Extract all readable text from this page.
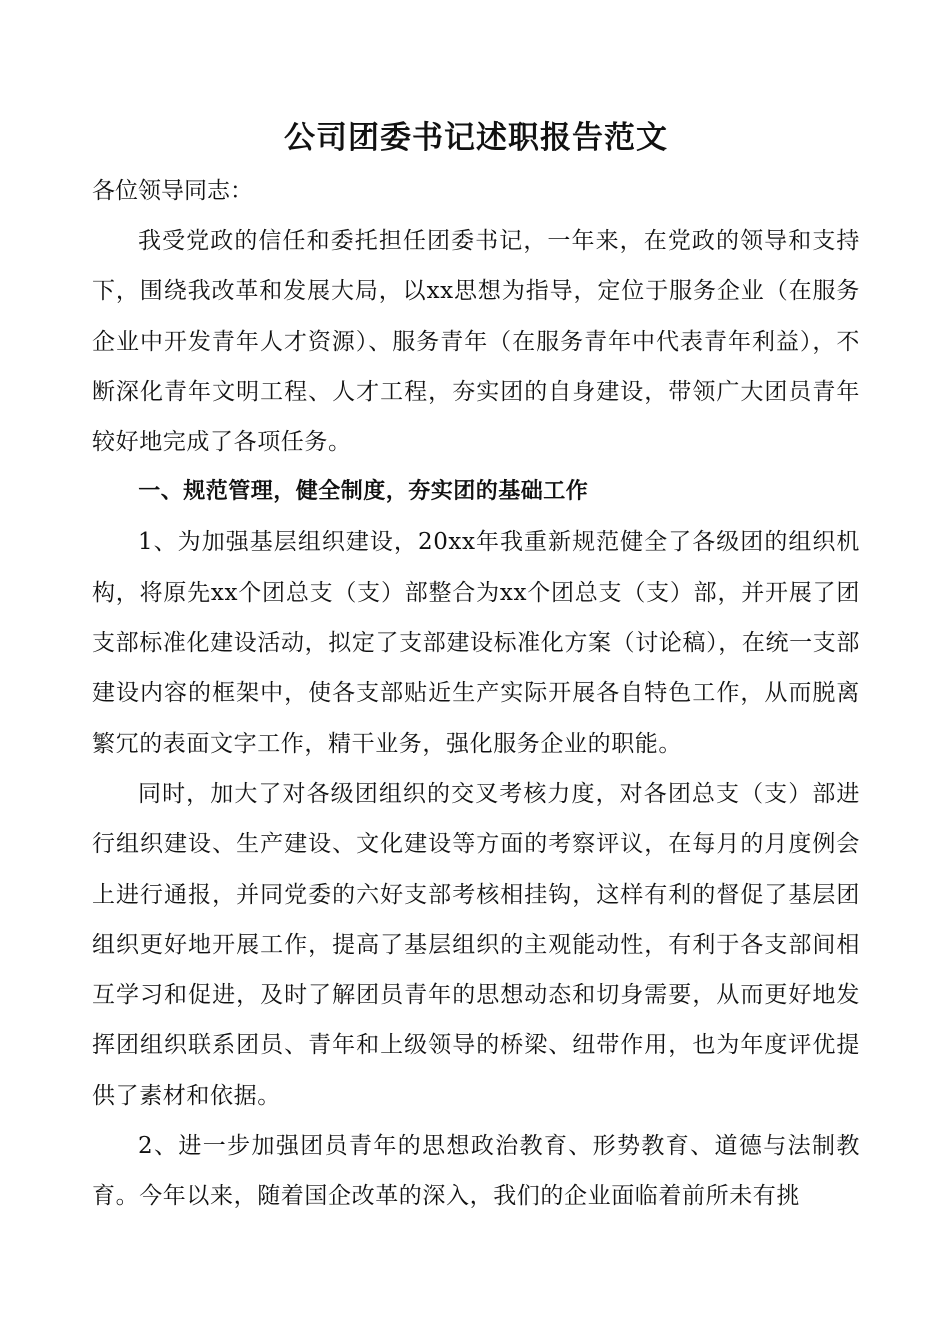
公司团委书记述职报告范文

各位领导同志：

我受党政的信任和委托担任团委书记，一年来，在党政的领导和支持下，围绕我改革和发展大局，以xx思想为指导，定位于服务企业（在服务企业中开发青年人才资源）、服务青年（在服务青年中代表青年利益），不断深化青年文明工程、人才工程，夯实团的自身建设，带领广大团员青年较好地完成了各项任务。

一、规范管理，健全制度，夯实团的基础工作

1、为加强基层组织建设，20xx年我重新规范健全了各级团的组织机构，将原先xx个团总支（支）部整合为xx个团总支（支）部，并开展了团支部标准化建设活动，拟定了支部建设标准化方案（讨论稿），在统一支部建设内容的框架中，使各支部贴近生产实际开展各自特色工作，从而脱离繁冗的表面文字工作，精干业务，强化服务企业的职能。

同时，加大了对各级团组织的交叉考核力度，对各团总支（支）部进行组织建设、生产建设、文化建设等方面的考察评议，在每月的月度例会上进行通报，并同党委的六好支部考核相挂钩，这样有利的督促了基层团组织更好地开展工作，提高了基层组织的主观能动性，有利于各支部间相互学习和促进，及时了解团员青年的思想动态和切身需要，从而更好地发挥团组织联系团员、青年和上级领导的桥梁、纽带作用，也为年度评优提供了素材和依据。

2、进一步加强团员青年的思想政治教育、形势教育、道德与法制教育。今年以来，随着国企改革的深入，我们的企业面临着前所未有挑
